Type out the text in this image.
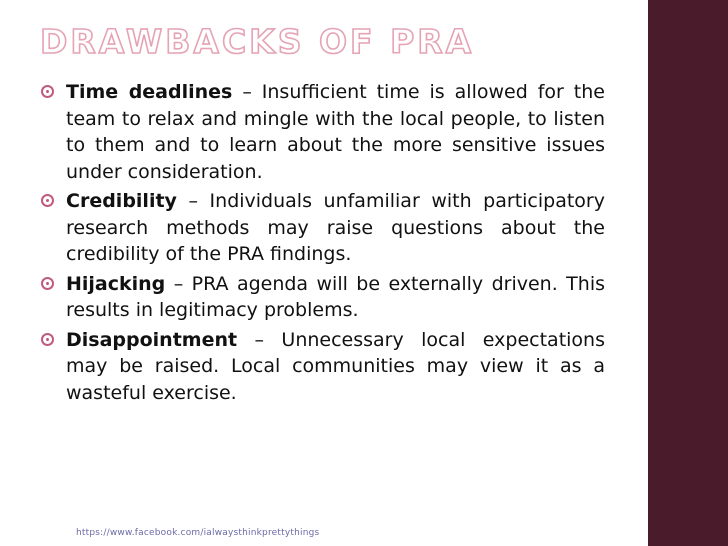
DRAWBACKS OF PRA
Time deadlines – Insufficient time is allowed for the team to relax and mingle with the local people, to listen to them and to learn about the more sensitive issues under consideration.
Credibility – Individuals unfamiliar with participatory research methods may raise questions about the credibility of the PRA findings.
Hijacking – PRA agenda will be externally driven. This results in legitimacy problems.
Disappointment – Unnecessary local expectations may be raised. Local communities may view it as a wasteful exercise.
https://www.facebook.com/ialwaysthinkprettythings
